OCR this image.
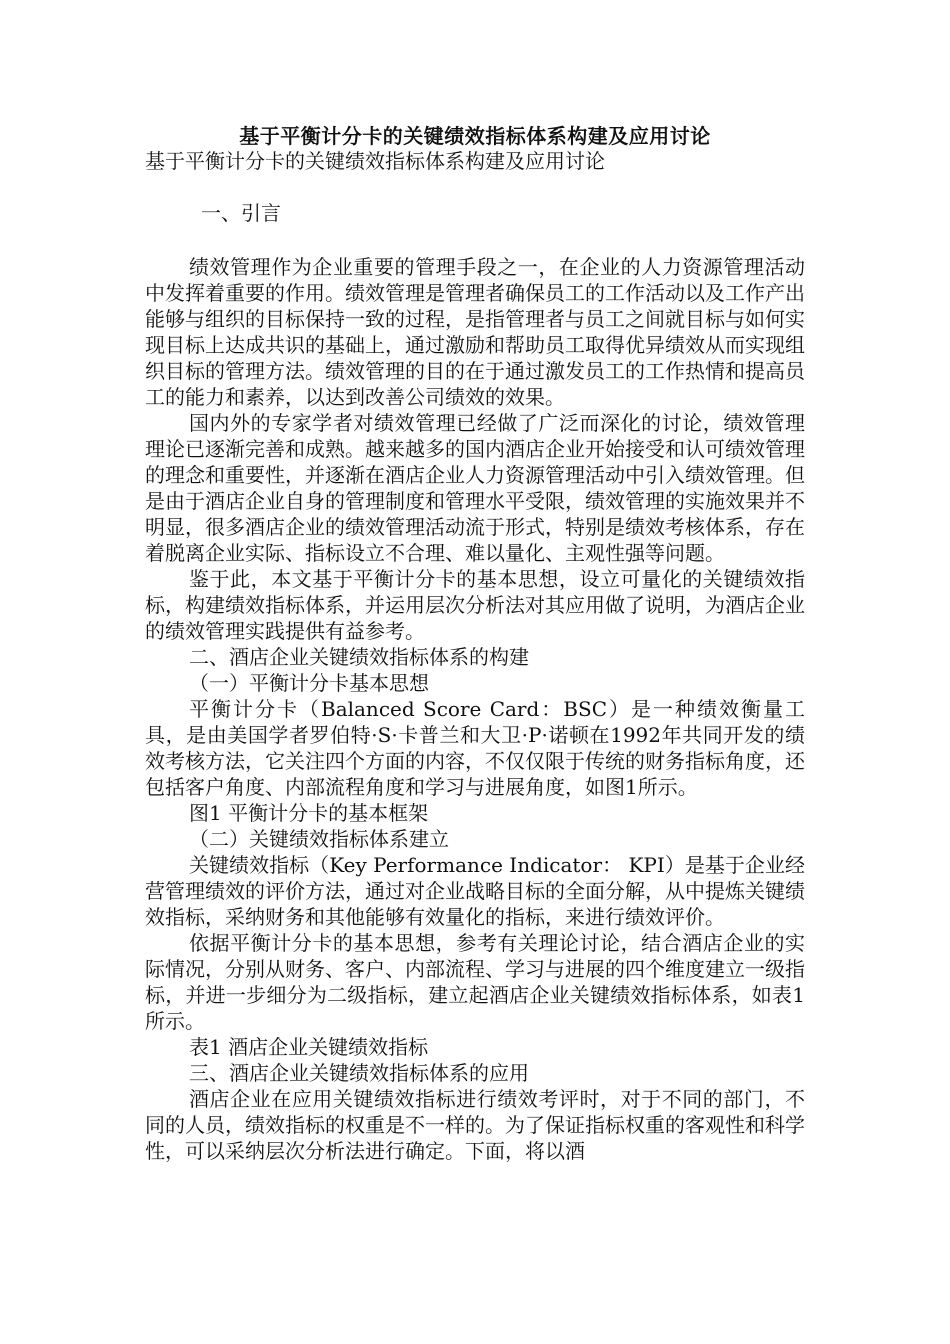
基于平衡计分卡的关键绩效指标体系构建及应用讨论

基于平衡计分卡的关键绩效指标体系构建及应用讨论

一、引言

绩效管理作为企业重要的管理手段之一，在企业的人力资源管理活动中发挥着重要的作用。绩效管理是管理者确保员工的工作活动以及工作产出能够与组织的目标保持一致的过程，是指管理者与员工之间就目标与如何实现目标上达成共识的基础上，通过激励和帮助员工取得优异绩效从而实现组织目标的管理方法。绩效管理的目的在于通过激发员工的工作热情和提高员工的能力和素养，以达到改善公司绩效的效果。

国内外的专家学者对绩效管理已经做了广泛而深化的讨论，绩效管理理论已逐渐完善和成熟。越来越多的国内酒店企业开始接受和认可绩效管理的理念和重要性，并逐渐在酒店企业人力资源管理活动中引入绩效管理。但是由于酒店企业自身的管理制度和管理水平受限，绩效管理的实施效果并不明显，很多酒店企业的绩效管理活动流于形式，特别是绩效考核体系，存在着脱离企业实际、指标设立不合理、难以量化、主观性强等问题。

鉴于此，本文基于平衡计分卡的基本思想，设立可量化的关键绩效指标，构建绩效指标体系，并运用层次分析法对其应用做了说明，为酒店企业的绩效管理实践提供有益参考。

二、酒店企业关键绩效指标体系的构建

（一）平衡计分卡基本思想

平衡计分卡（Balanced Score Card：BSC）是一种绩效衡量工具，是由美国学者罗伯特·S·卡普兰和大卫·P·诺顿在1992年共同开发的绩效考核方法，它关注四个方面的内容，不仅仅限于传统的财务指标角度，还包括客户角度、内部流程角度和学习与进展角度，如图1所示。

图1 平衡计分卡的基本框架

（二）关键绩效指标体系建立

关键绩效指标（Key Performance Indicator： KPI）是基于企业经营管理绩效的评价方法，通过对企业战略目标的全面分解，从中提炼关键绩效指标，采纳财务和其他能够有效量化的指标，来进行绩效评价。

依据平衡计分卡的基本思想，参考有关理论讨论，结合酒店企业的实际情况，分别从财务、客户、内部流程、学习与进展的四个维度建立一级指标，并进一步细分为二级指标，建立起酒店企业关键绩效指标体系，如表1所示。

表1 酒店企业关键绩效指标

三、酒店企业关键绩效指标体系的应用

酒店企业在应用关键绩效指标进行绩效考评时，对于不同的部门，不同的人员，绩效指标的权重是不一样的。为了保证指标权重的客观性和科学性，可以采纳层次分析法进行确定。下面，将以酒
